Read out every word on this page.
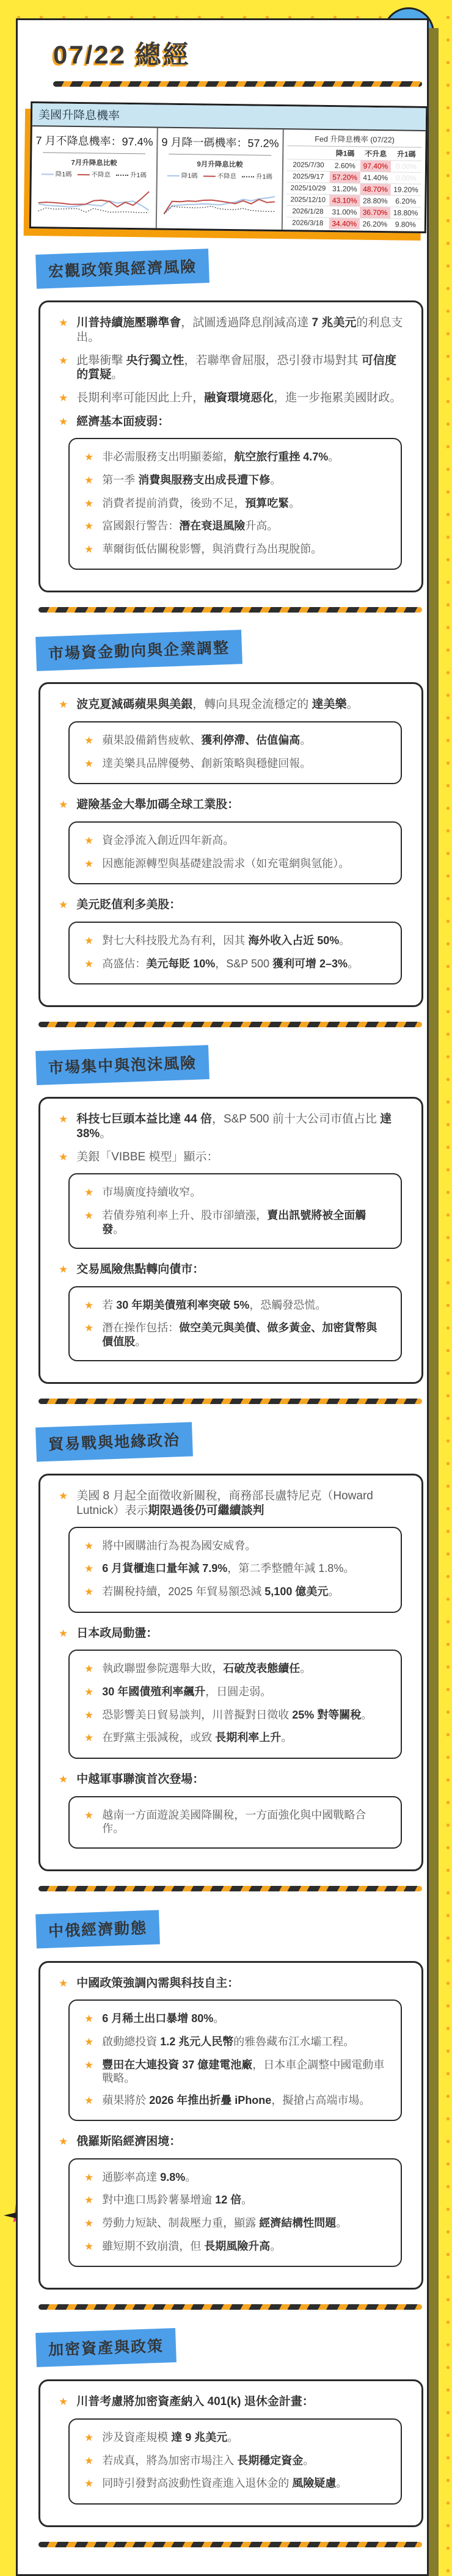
07/22 總經
美國升降息機率
7 月不降息機率：97.4%
7月升降息比較
降1碼	不降息	升1碼
9 月降一碼機率：57.2%
9月升降息比較
降1碼	不降息	升1碼
Fed 升降息機率 (07/22)			
	降1碼	不升息	升1碼
2025/7/30	2.60%	97.40%	0.00%
2025/9/17	57.20%	41.40%	0.00%
2025/10/29	31.20%	48.70%	19.20%
2025/12/10	43.10%	28.80%	6.20%
2026/1/28	31.00%	36.70%	18.80%
2026/3/18	34.40%	26.20%	9.80%
宏觀政策與經濟風險
★ 川普持續施壓聯準會，試圖透過降息削減高達 7 兆美元的利息支出。
★ 此舉衝擊 央行獨立性，若聯準會屈服，恐引發市場對其 可信度的質疑。
★ 長期利率可能因此上升，融資環境惡化，進一步拖累美國財政。
★ 經濟基本面疲弱：
★ 非必需服務支出明顯萎縮，航空旅行重挫 4.7%。
★ 第一季 消費與服務支出成長遭下修。
★ 消費者提前消費，後勁不足，預算吃緊。
★ 富國銀行警告：潛在衰退風險升高。
★ 華爾街低估關稅影響，與消費行為出現脫節。
市場資金動向與企業調整
★ 波克夏減碼蘋果與美銀，轉向具現金流穩定的 達美樂。
★ 蘋果設備銷售疲軟、獲利停滯、估值偏高。
★ 達美樂具品牌優勢、創新策略與穩健回報。
★ 避險基金大舉加碼全球工業股：
★ 資金淨流入創近四年新高。
★ 因應能源轉型與基礎建設需求（如充電網與氫能）。
★ 美元貶值利多美股：
★ 對七大科技股尤為有利，因其 海外收入占近 50%。
★ 高盛估：美元每貶 10%，S&P 500 獲利可增 2–3%。
市場集中與泡沫風險
★ 科技七巨頭本益比達 44 倍，S&P 500 前十大公司市值占比 達 38%。
★ 美銀「VIBBE 模型」顯示：
★ 市場廣度持續收窄。
★ 若債券殖利率上升、股市卻續漲，賣出訊號將被全面觸發。
★ 交易風險焦點轉向債市：
★ 若 30 年期美債殖利率突破 5%，恐觸發恐慌。
★ 潛在操作包括：做空美元與美債、做多黃金、加密貨幣與價值股。
貿易戰與地緣政治
★ 美國 8 月起全面徵收新關稅，商務部長盧特尼克（Howard Lutnick）表示期限過後仍可繼續談判
★ 將中國購油行為視為國安威脅。
★ 6 月貨櫃進口量年減 7.9%，第二季整體年減 1.8%。
★ 若關稅持續，2025 年貿易額恐減 5,100 億美元。
★ 日本政局動盪：
★ 執政聯盟參院選舉大敗，石破茂表態續任。
★ 30 年國債殖利率飆升，日圓走弱。
★ 恐影響美日貿易談判，川普擬對日徵收 25% 對等關稅。
★ 在野黨主張減稅，或致 長期利率上升。
★ 中越軍事聯演首次登場：
★ 越南一方面遊說美國降關稅，一方面強化與中國戰略合作。
中俄經濟動態
★ 中國政策強調內需與科技自主：
★ 6 月稀土出口暴增 80%。
★ 啟動總投資 1.2 兆元人民幣的雅魯藏布江水壩工程。
★ 豐田在大連投資 37 億建電池廠，日本車企調整中國電動車戰略。
★ 蘋果將於 2026 年推出折疊 iPhone，擬搶占高端市場。
★ 俄羅斯陷經濟困境：
★ 通膨率高達 9.8%。
★ 對中進口馬鈴薯暴增逾 12 倍。
★ 勞動力短缺、制裁壓力重，顯露 經濟結構性問題。
★ 雖短期不致崩潰，但 長期風險升高。
加密資產與政策
★ 川普考慮將加密資產納入 401(k) 退休金計畫：
★ 涉及資產規模 達 9 兆美元。
★ 若成真，將為加密市場注入 長期穩定資金。
★ 同時引發對高波動性資產進入退休金的 風險疑慮。
